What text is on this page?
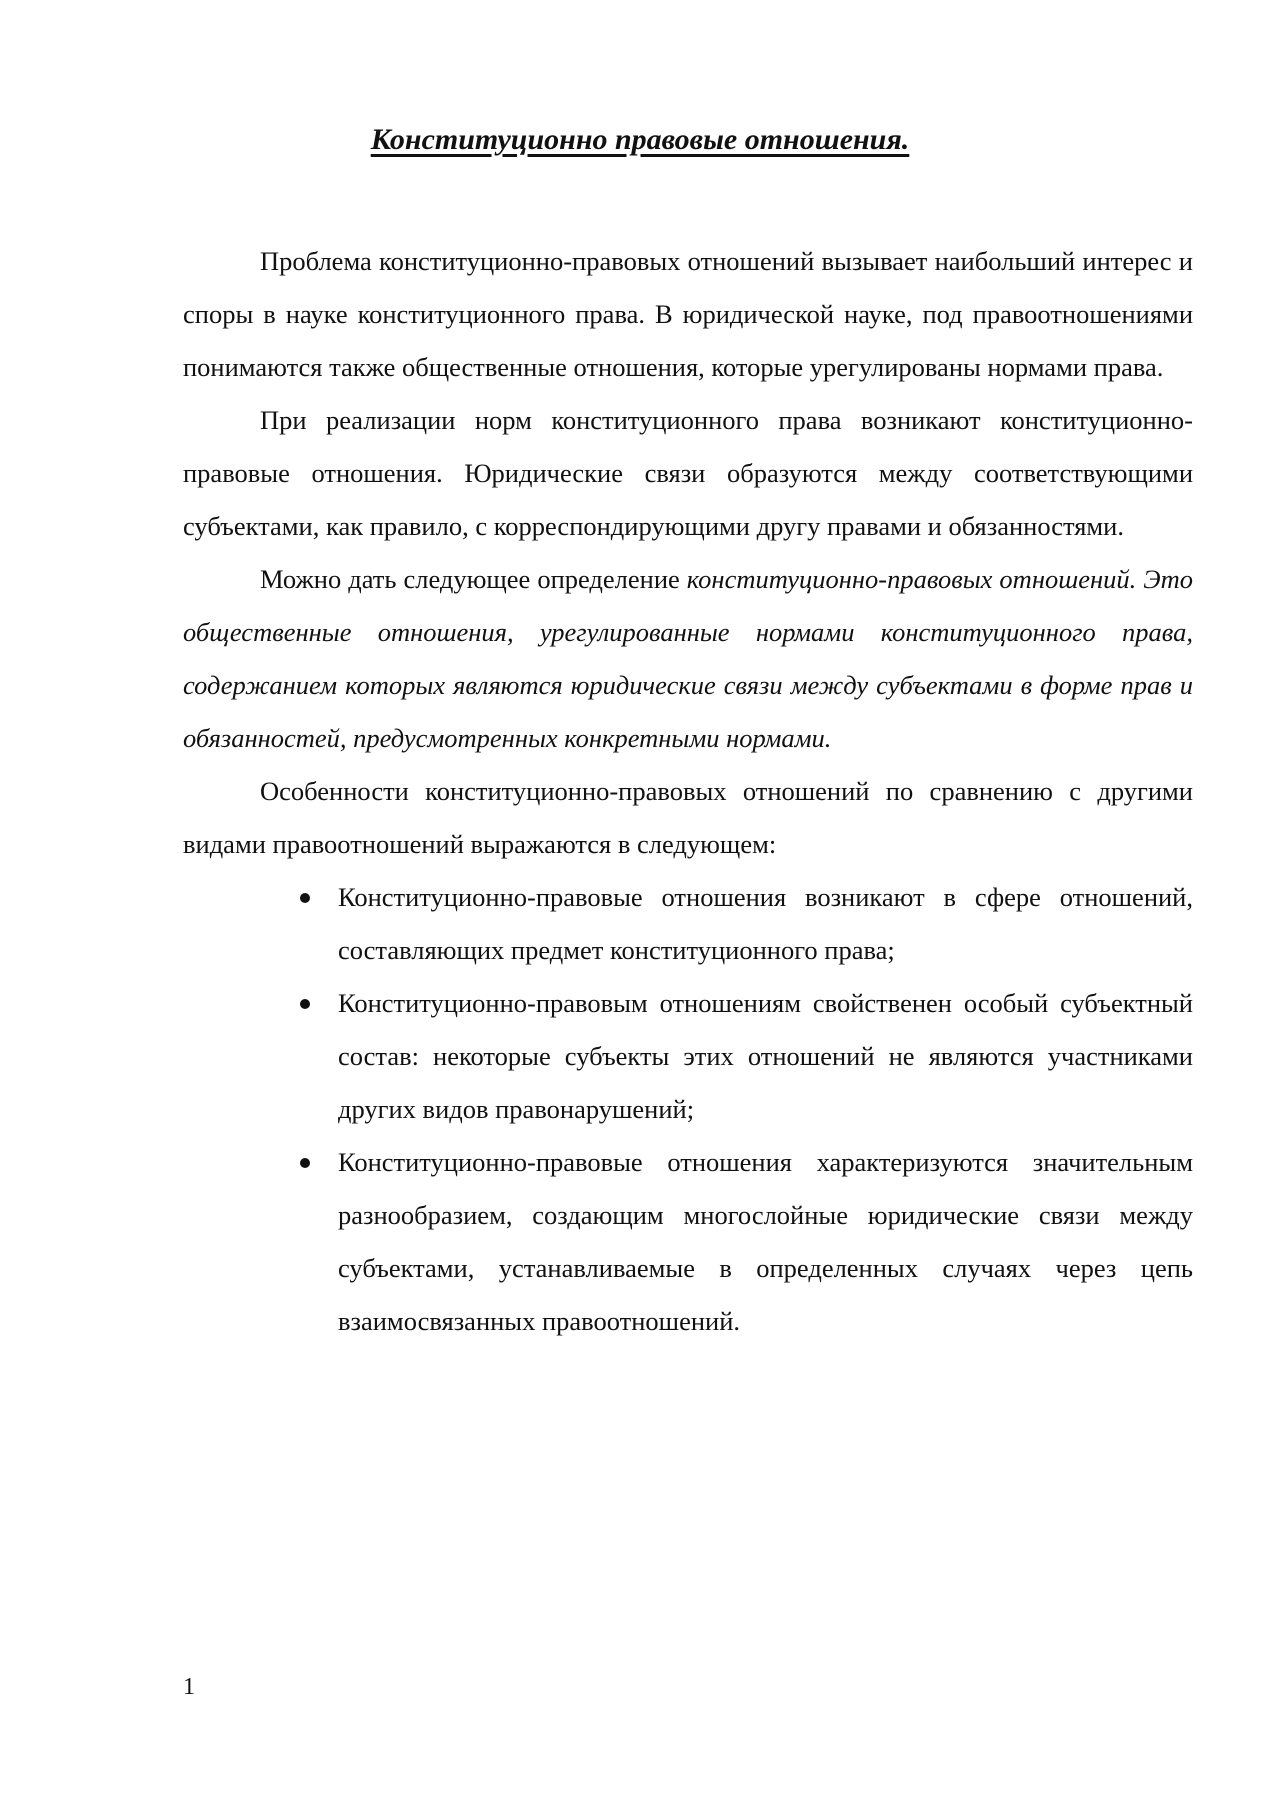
Конституционно правовые отношения.

Проблема конституционно-правовых отношений вызывает наибольший интерес и споры в науке конституционного права. В юридической науке, под правоотношениями понимаются также общественные отношения, которые урегулированы нормами права.

При реализации норм конституционного права возникают конституционно-правовые отношения. Юридические связи образуются между соответствующими субъектами, как правило, с корреспондирующими другу правами и обязанностями.

Можно дать следующее определение конституционно-правовых отношений. Это общественные отношения, урегулированные нормами конституционного права, содержанием которых являются юридические связи между субъектами в форме прав и обязанностей, предусмотренных конкретными нормами.

Особенности конституционно-правовых отношений по сравнению с другими видами правоотношений выражаются в следующем:

Конституционно-правовые отношения возникают в сфере отношений, составляющих предмет конституционного права;
Конституционно-правовым отношениям свойственен особый субъектный состав: некоторые субъекты этих отношений не являются участниками других видов правонарушений;
Конституционно-правовые отношения характеризуются значительным разнообразием, создающим многослойные юридические связи между субъектами, устанавливаемые в определенных случаях через цепь взаимосвязанных правоотношений.

1
